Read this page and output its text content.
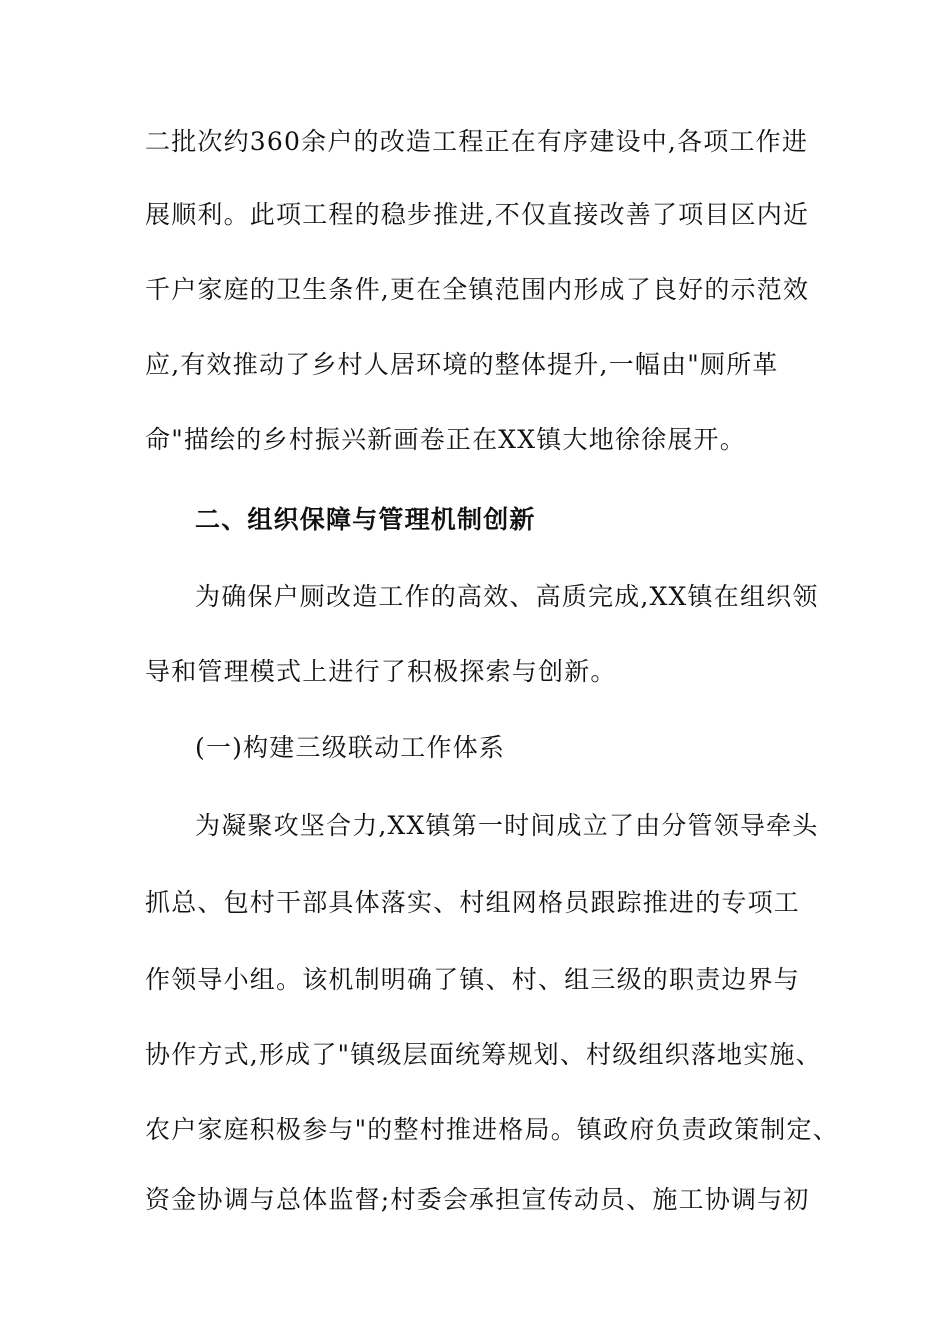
二批次约360余户的改造工程正在有序建设中,各项工作进
展顺利。此项工程的稳步推进,不仅直接改善了项目区内近
千户家庭的卫生条件,更在全镇范围内形成了良好的示范效
应,有效推动了乡村人居环境的整体提升,一幅由"厕所革
命"描绘的乡村振兴新画卷正在XX镇大地徐徐展开。
二、组织保障与管理机制创新
为确保户厕改造工作的高效、高质完成,XX镇在组织领
导和管理模式上进行了积极探索与创新。
(一)构建三级联动工作体系
为凝聚攻坚合力,XX镇第一时间成立了由分管领导牵头
抓总、包村干部具体落实、村组网格员跟踪推进的专项工
作领导小组。该机制明确了镇、村、组三级的职责边界与
协作方式,形成了"镇级层面统筹规划、村级组织落地实施、
农户家庭积极参与"的整村推进格局。镇政府负责政策制定、
资金协调与总体监督;村委会承担宣传动员、施工协调与初
